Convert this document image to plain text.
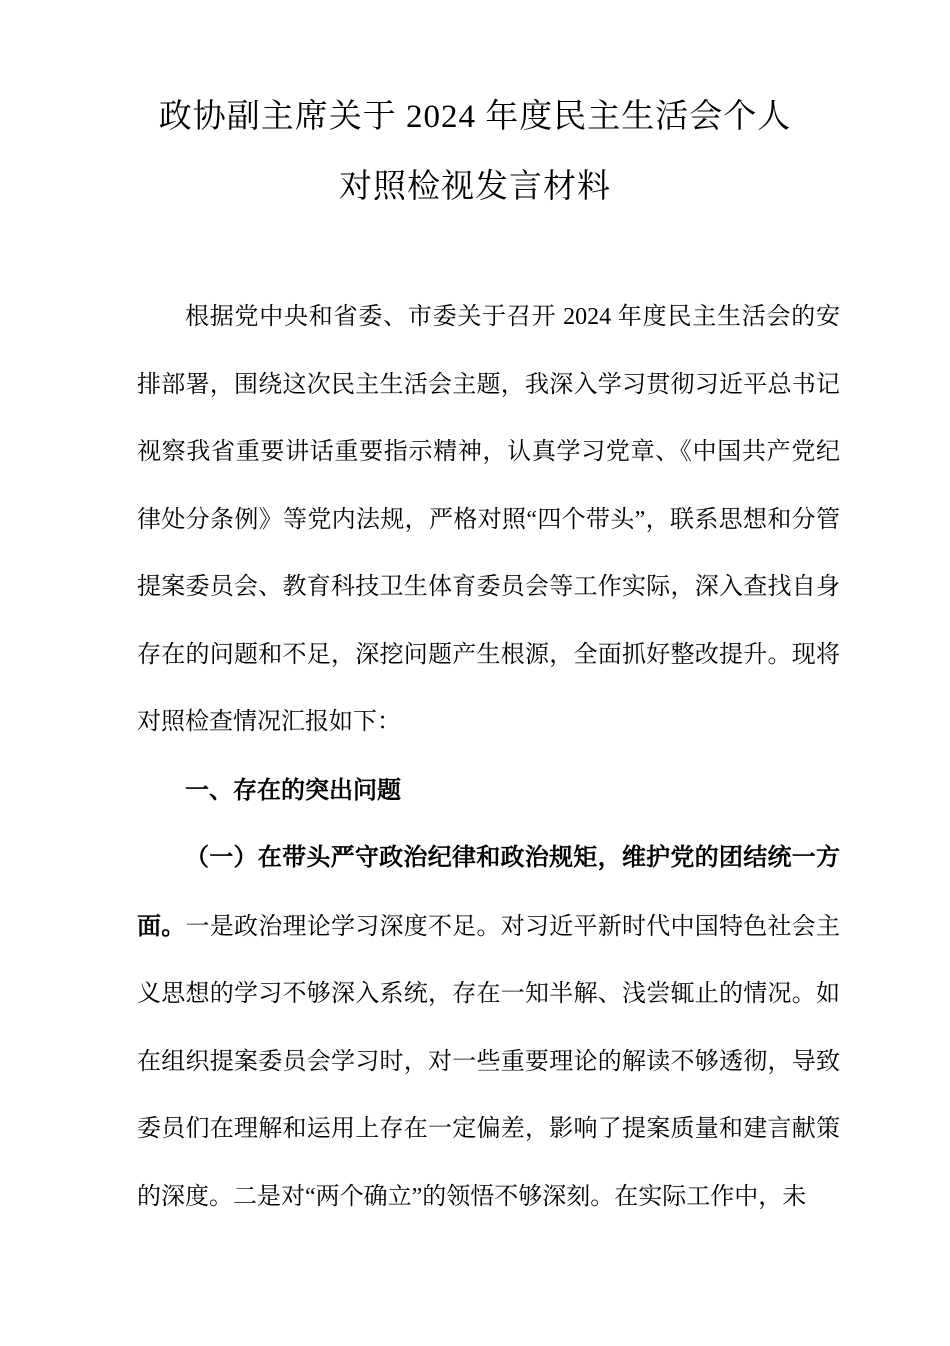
政协副主席关于 2024 年度民主生活会个人
对照检视发言材料

根据党中央和省委、市委关于召开 2024 年度民主生活会的安排部署，围绕这次民主生活会主题，我深入学习贯彻习近平总书记视察我省重要讲话重要指示精神，认真学习党章、《中国共产党纪律处分条例》等党内法规，严格对照“四个带头”，联系思想和分管提案委员会、教育科技卫生体育委员会等工作实际，深入查找自身存在的问题和不足，深挖问题产生根源，全面抓好整改提升。现将对照检查情况汇报如下：

一、存在的突出问题

（一）在带头严守政治纪律和政治规矩，维护党的团结统一方面。一是政治理论学习深度不足。对习近平新时代中国特色社会主义思想的学习不够深入系统，存在一知半解、浅尝辄止的情况。如在组织提案委员会学习时，对一些重要理论的解读不够透彻，导致委员们在理解和运用上存在一定偏差，影响了提案质量和建言献策的深度。二是对“两个确立”的领悟不够深刻。在实际工作中，未
